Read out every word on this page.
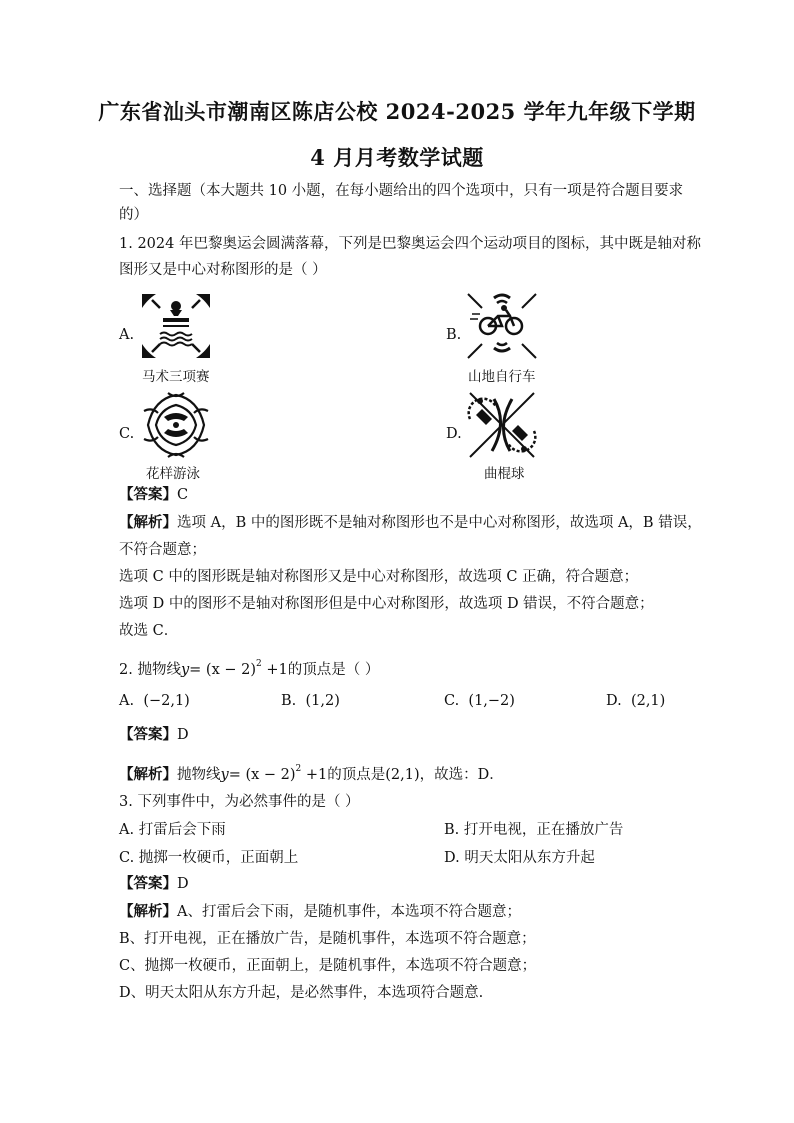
广东省汕头市潮南区陈店公校 2024-2025 学年九年级下学期
4 月月考数学试题
一、选择题（本大题共 10 小题，在每小题给出的四个选项中，只有一项是符合题目要求
的）
1. 2024 年巴黎奥运会圆满落幕，下列是巴黎奥运会四个运动项目的图标，其中既是轴对称
图形又是中心对称图形的是（ ）
A.
马术三项赛
B.
山地自行车
C.
花样游泳
D.
曲棍球
【答案】C
【解析】选项 A，B 中的图形既不是轴对称图形也不是中心对称图形，故选项 A，B 错误，
不符合题意；
选项 C 中的图形既是轴对称图形又是中心对称图形，故选项 C 正确，符合题意；
选项 D 中的图形不是轴对称图形但是中心对称图形，故选项 D 错误，不符合题意；
故选 C．
2. 抛物线$y= (x - 2)^2 +1$的顶点是（ ）
A. (−2,1)	B. (1,2)	C. (1,−2)	D. (2,1)
【答案】D
【解析】抛物线$y= (x - 2)^2 +1$的顶点是(2,1)，故选：D．
3. 下列事件中，为必然事件的是（ ）
A. 打雷后会下雨	B. 打开电视，正在播放广告
C. 抛掷一枚硬币，正面朝上	D. 明天太阳从东方升起
【答案】D
【解析】A、打雷后会下雨，是随机事件，本选项不符合题意；
B、打开电视，正在播放广告，是随机事件，本选项不符合题意；
C、抛掷一枚硬币，正面朝上，是随机事件，本选项不符合题意；
D、明天太阳从东方升起，是必然事件，本选项符合题意.
